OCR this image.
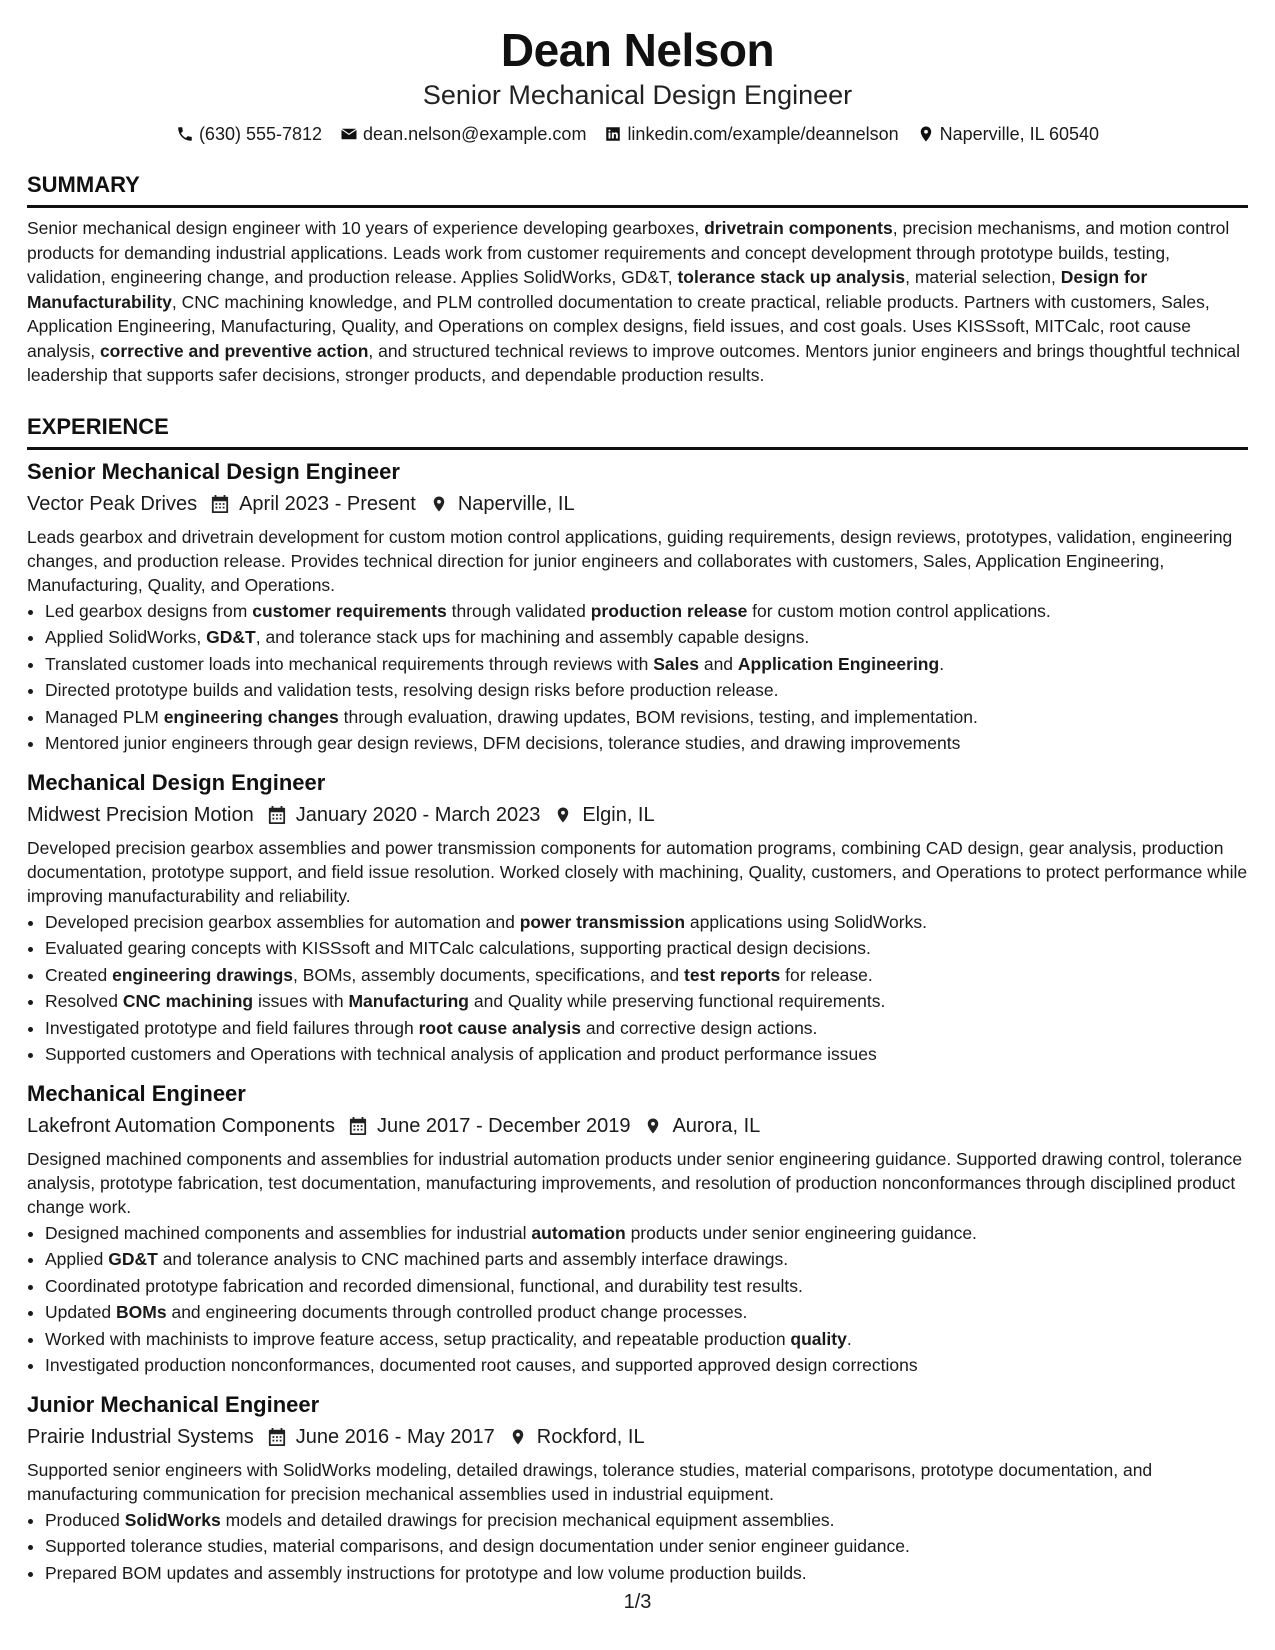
Dean Nelson
Senior Mechanical Design Engineer
(630) 555-7812 dean.nelson@example.com linkedin.com/example/deannelson Naperville, IL 60540
SUMMARY
Senior mechanical design engineer with 10 years of experience developing gearboxes, drivetrain components, precision mechanisms, and motion control products for demanding industrial applications. Leads work from customer requirements and concept development through prototype builds, testing, validation, engineering change, and production release. Applies SolidWorks, GD&T, tolerance stack up analysis, material selection, Design for Manufacturability, CNC machining knowledge, and PLM controlled documentation to create practical, reliable products. Partners with customers, Sales, Application Engineering, Manufacturing, Quality, and Operations on complex designs, field issues, and cost goals. Uses KISSsoft, MITCalc, root cause analysis, corrective and preventive action, and structured technical reviews to improve outcomes. Mentors junior engineers and brings thoughtful technical leadership that supports safer decisions, stronger products, and dependable production results.
EXPERIENCE
Senior Mechanical Design Engineer
Vector Peak Drives April 2023 - Present Naperville, IL
Leads gearbox and drivetrain development for custom motion control applications, guiding requirements, design reviews, prototypes, validation, engineering changes, and production release. Provides technical direction for junior engineers and collaborates with customers, Sales, Application Engineering, Manufacturing, Quality, and Operations.
• Led gearbox designs from customer requirements through validated production release for custom motion control applications.
• Applied SolidWorks, GD&T, and tolerance stack ups for machining and assembly capable designs.
• Translated customer loads into mechanical requirements through reviews with Sales and Application Engineering.
• Directed prototype builds and validation tests, resolving design risks before production release.
• Managed PLM engineering changes through evaluation, drawing updates, BOM revisions, testing, and implementation.
• Mentored junior engineers through gear design reviews, DFM decisions, tolerance studies, and drawing improvements
Mechanical Design Engineer
Midwest Precision Motion January 2020 - March 2023 Elgin, IL
Developed precision gearbox assemblies and power transmission components for automation programs, combining CAD design, gear analysis, production documentation, prototype support, and field issue resolution. Worked closely with machining, Quality, customers, and Operations to protect performance while improving manufacturability and reliability.
• Developed precision gearbox assemblies for automation and power transmission applications using SolidWorks.
• Evaluated gearing concepts with KISSsoft and MITCalc calculations, supporting practical design decisions.
• Created engineering drawings, BOMs, assembly documents, specifications, and test reports for release.
• Resolved CNC machining issues with Manufacturing and Quality while preserving functional requirements.
• Investigated prototype and field failures through root cause analysis and corrective design actions.
• Supported customers and Operations with technical analysis of application and product performance issues
Mechanical Engineer
Lakefront Automation Components June 2017 - December 2019 Aurora, IL
Designed machined components and assemblies for industrial automation products under senior engineering guidance. Supported drawing control, tolerance analysis, prototype fabrication, test documentation, manufacturing improvements, and resolution of production nonconformances through disciplined product change work.
• Designed machined components and assemblies for industrial automation products under senior engineering guidance.
• Applied GD&T and tolerance analysis to CNC machined parts and assembly interface drawings.
• Coordinated prototype fabrication and recorded dimensional, functional, and durability test results.
• Updated BOMs and engineering documents through controlled product change processes.
• Worked with machinists to improve feature access, setup practicality, and repeatable production quality.
• Investigated production nonconformances, documented root causes, and supported approved design corrections
Junior Mechanical Engineer
Prairie Industrial Systems June 2016 - May 2017 Rockford, IL
Supported senior engineers with SolidWorks modeling, detailed drawings, tolerance studies, material comparisons, prototype documentation, and manufacturing communication for precision mechanical assemblies used in industrial equipment.
• Produced SolidWorks models and detailed drawings for precision mechanical equipment assemblies.
• Supported tolerance studies, material comparisons, and design documentation under senior engineer guidance.
• Prepared BOM updates and assembly instructions for prototype and low volume production builds.
1/3
